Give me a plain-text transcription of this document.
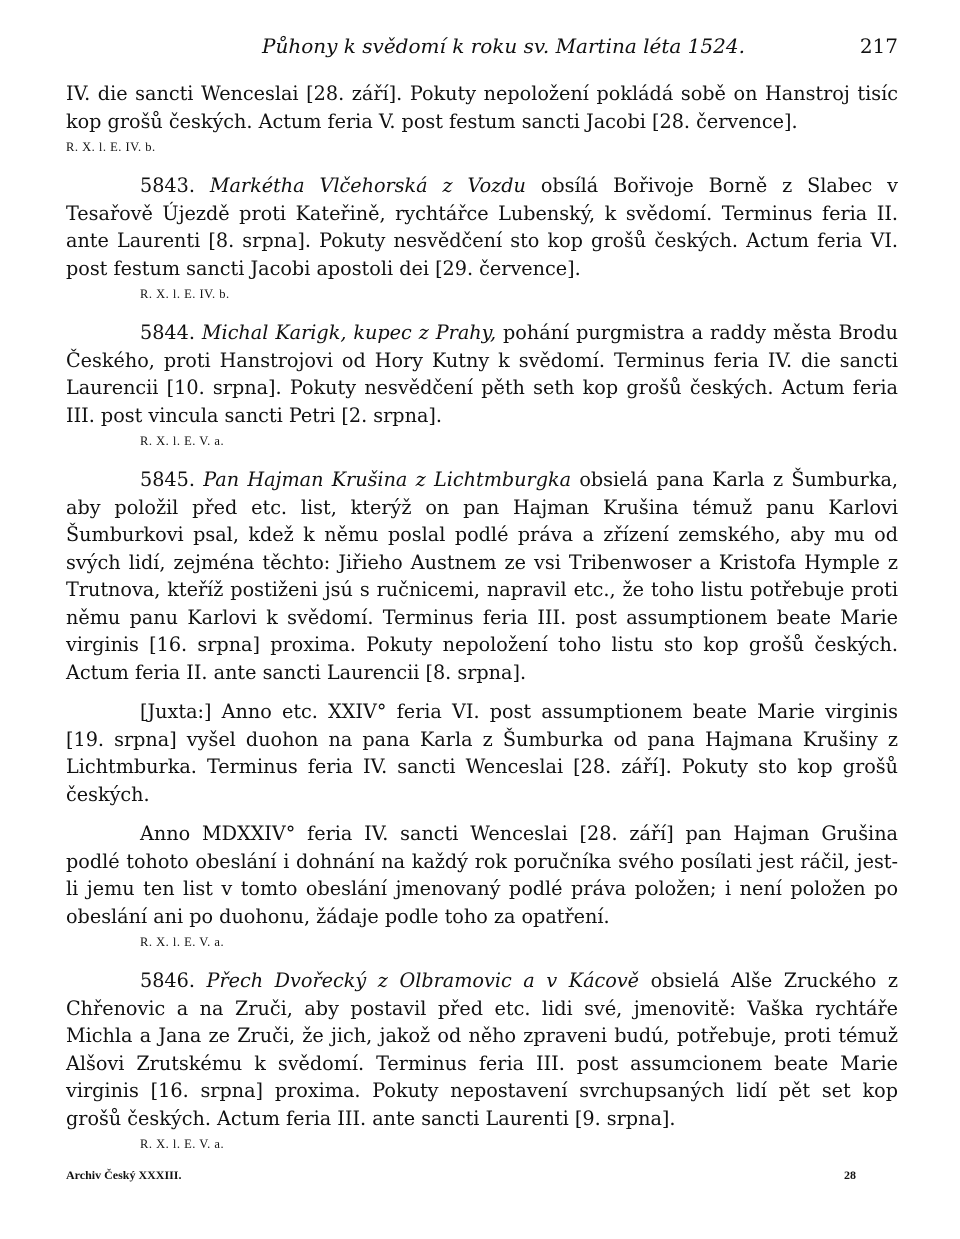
Půhony k svědomí k roku sv. Martina léta 1524.	217

IV. die sancti Wenceslai [28. září]. Pokuty nepoložení pokládá sobě on Hanstroj tisíc kop grošů českých. Actum feria V. post festum sancti Jacobi [28. července].

R. X. l. E. IV. b.

5843. Markétha Vlčehorská z Vozdu obsílá Bořivoje Borně z Slabec v Tesařově Újezdě proti Kateřině, rychtářce Lubenský, k svědomí. Terminus feria II. ante Laurenti [8. srpna]. Pokuty nesvědčení sto kop grošů českých. Actum feria VI. post festum sancti Jacobi apostoli dei [29. července].

R. X. l. E. IV. b.

5844. Michal Karigk, kupec z Prahy, pohání purgmistra a raddy města Brodu Českého, proti Hanstrojovi od Hory Kutny k svědomí. Terminus feria IV. die sancti Laurencii [10. srpna]. Pokuty nesvědčení pěth seth kop grošů českých. Actum feria III. post vincula sancti Petri [2. srpna].

R. X. l. E. V. a.

5845. Pan Hajman Krušina z Lichtmburgka obsielá pana Karla z Šumburka, aby položil před etc. list, kterýž on pan Hajman Krušina témuž panu Karlovi Šumburkovi psal, kdež k němu poslal podlé práva a zřízení zemského, aby mu od svých lidí, zejména těchto: Jiřieho Austnem ze vsi Tribenwoser a Kristofa Hymple z Trutnova, kteříž postiženi jsú s ručnicemi, napravil etc., že toho listu potřebuje proti němu panu Karlovi k svědomí. Terminus feria III. post assumptionem beate Marie virginis [16. srpna] proxima. Pokuty nepoložení toho listu sto kop grošů českých. Actum feria II. ante sancti Laurencii [8. srpna].

[Juxta:] Anno etc. XXIV° feria VI. post assumptionem beate Marie virginis [19. srpna] vyšel duohon na pana Karla z Šumburka od pana Hajmana Krušiny z Lichtmburka. Terminus feria IV. sancti Wenceslai [28. září]. Pokuty sto kop grošů českých.

Anno MDXXIV° feria IV. sancti Wenceslai [28. září] pan Hajman Grušina podlé tohoto obeslání i dohnání na každý rok poručníka svého posílati jest ráčil, jest-li jemu ten list v tomto obeslání jmenovaný podlé práva položen; i není položen po obeslání ani po duohonu, žádaje podle toho za opatření.

R. X. l. E. V. a.

5846. Přech Dvořecký z Olbramovic a v Kácově obsielá Alše Zruckého z Chřenovic a na Zruči, aby postavil před etc. lidi své, jmenovitě: Vaška rychtáře Michla a Jana ze Zruči, že jich, jakož od něho zpraveni budú, potřebuje, proti témuž Alšovi Zrutskému k svědomí. Terminus feria III. post assumcionem beate Marie virginis [16. srpna] proxima. Pokuty nepostavení svrchupsaných lidí pět set kop grošů českých. Actum feria III. ante sancti Laurenti [9. srpna].

R. X. l. E. V. a.
Archiv Český XXXIII.	28
